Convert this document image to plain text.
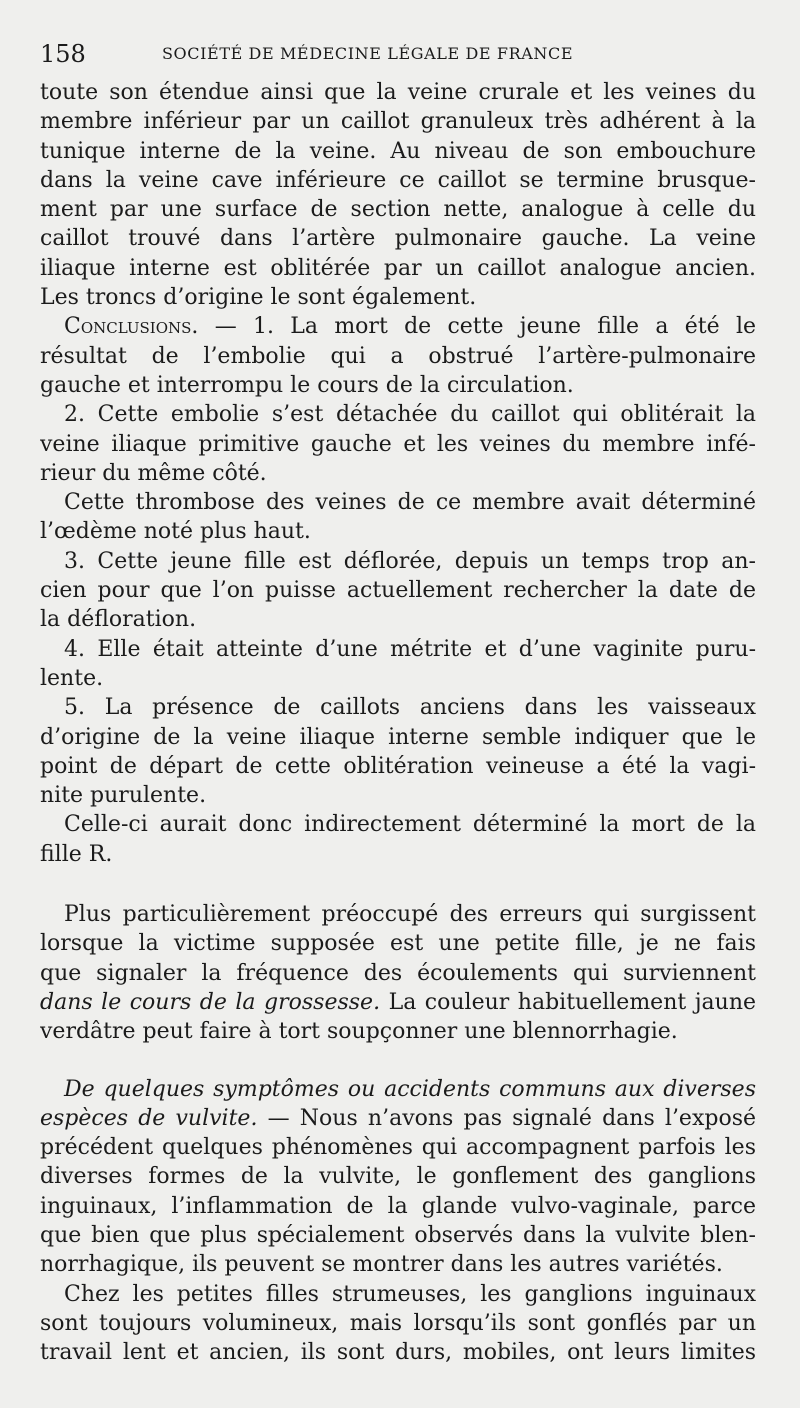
158	SOCIÉTÉ DE MÉDECINE LÉGALE DE FRANCE
toute son étendue ainsi que la veine crurale et les veines du
membre inférieur par un caillot granuleux très adhérent à la
tunique interne de la veine. Au niveau de son embouchure
dans la veine cave inférieure ce caillot se termine brusque-
ment par une surface de section nette, analogue à celle du
caillot trouvé dans l’artère pulmonaire gauche. La veine
iliaque interne est oblitérée par un caillot analogue ancien.
Les troncs d’origine le sont également.
Conclusions. — 1. La mort de cette jeune fille a été le
résultat de l’embolie qui a obstrué l’artère-pulmonaire
gauche et interrompu le cours de la circulation.
2. Cette embolie s’est détachée du caillot qui oblitérait la
veine iliaque primitive gauche et les veines du membre infé-
rieur du même côté.
Cette thrombose des veines de ce membre avait déterminé
l’œdème noté plus haut.
3. Cette jeune fille est déflorée, depuis un temps trop an-
cien pour que l’on puisse actuellement rechercher la date de
la défloration.
4. Elle était atteinte d’une métrite et d’une vaginite puru-
lente.
5. La présence de caillots anciens dans les vaisseaux
d’origine de la veine iliaque interne semble indiquer que le
point de départ de cette oblitération veineuse a été la vagi-
nite purulente.
Celle-ci aurait donc indirectement déterminé la mort de la
fille R.
Plus particulièrement préoccupé des erreurs qui surgissent
lorsque la victime supposée est une petite fille, je ne fais
que signaler la fréquence des écoulements qui surviennent
dans le cours de la grossesse. La couleur habituellement jaune
verdâtre peut faire à tort soupçonner une blennorrhagie.
De quelques symptômes ou accidents communs aux diverses
espèces de vulvite. — Nous n’avons pas signalé dans l’exposé
précédent quelques phénomènes qui accompagnent parfois les
diverses formes de la vulvite, le gonflement des ganglions
inguinaux, l’inflammation de la glande vulvo-vaginale, parce
que bien que plus spécialement observés dans la vulvite blen-
norrhagique, ils peuvent se montrer dans les autres variétés.
Chez les petites filles strumeuses, les ganglions inguinaux
sont toujours volumineux, mais lorsqu’ils sont gonflés par un
travail lent et ancien, ils sont durs, mobiles, ont leurs limites
